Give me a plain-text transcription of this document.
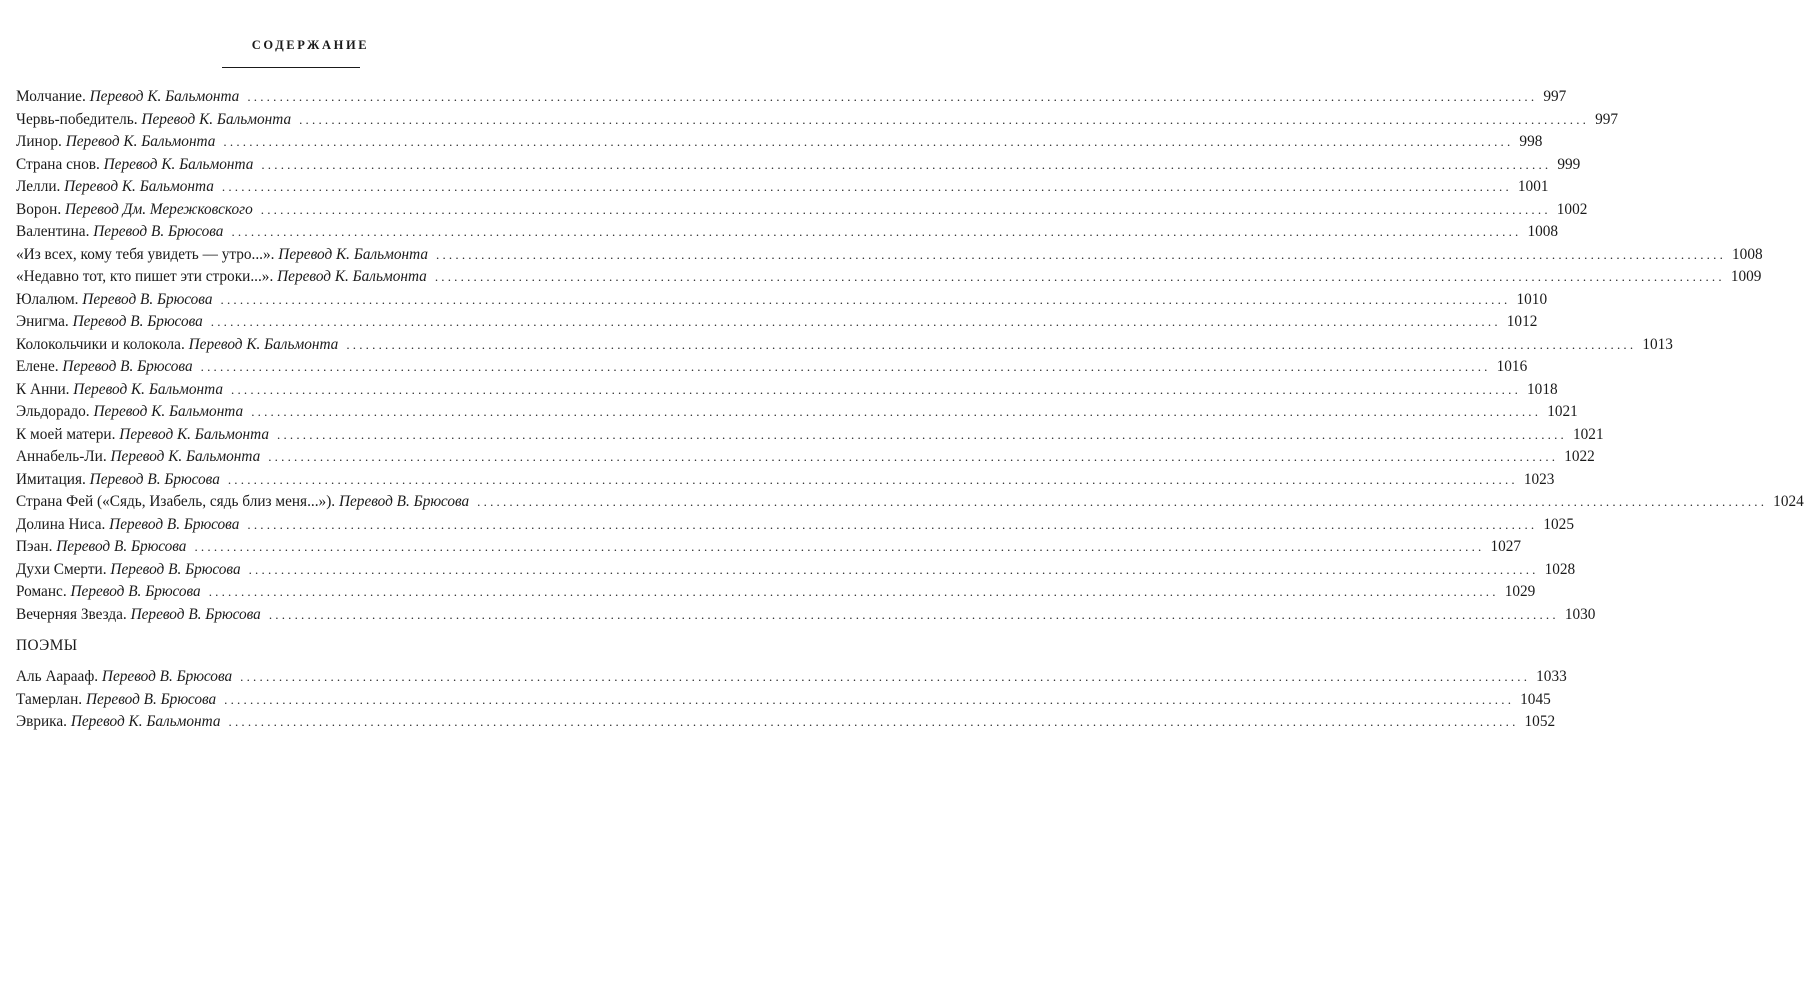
СОДЕРЖАНИЕ
Молчание. Перевод К. Бальмонта ........................................................................................................................................................................................................ 997
Червь-победитель. Перевод К. Бальмонта ........................................................................................................................................................................................................ 997
Линор. Перевод К. Бальмонта ........................................................................................................................................................................................................ 998
Страна снов. Перевод К. Бальмонта ........................................................................................................................................................................................................ 999
Лелли. Перевод К. Бальмонта ........................................................................................................................................................................................................ 1001
Ворон. Перевод Дм. Мережковского ........................................................................................................................................................................................................ 1002
Валентина. Перевод В. Брюсова ........................................................................................................................................................................................................ 1008
«Из всех, кому тебя увидеть — утро...». Перевод К. Бальмонта ........................................................................................................................................................................................................ 1008
«Недавно тот, кто пишет эти строки...». Перевод К. Бальмонта ........................................................................................................................................................................................................ 1009
Юлалюм. Перевод В. Брюсова ........................................................................................................................................................................................................ 1010
Энигма. Перевод В. Брюсова ........................................................................................................................................................................................................ 1012
Колокольчики и колокола. Перевод К. Бальмонта ........................................................................................................................................................................................................ 1013
Елене. Перевод В. Брюсова ........................................................................................................................................................................................................ 1016
К Анни. Перевод К. Бальмонта ........................................................................................................................................................................................................ 1018
Эльдорадо. Перевод К. Бальмонта ........................................................................................................................................................................................................ 1021
К моей матери. Перевод К. Бальмонта ........................................................................................................................................................................................................ 1021
Аннабель-Ли. Перевод К. Бальмонта ........................................................................................................................................................................................................ 1022
Имитация. Перевод В. Брюсова ........................................................................................................................................................................................................ 1023
Страна Фей («Сядь, Изабель, сядь близ меня...»). Перевод В. Брюсова ........................................................................................................................................................................................................ 1024
Долина Ниса. Перевод В. Брюсова ........................................................................................................................................................................................................ 1025
Пэан. Перевод В. Брюсова ........................................................................................................................................................................................................ 1027
Духи Смерти. Перевод В. Брюсова ........................................................................................................................................................................................................ 1028
Романс. Перевод В. Брюсова ........................................................................................................................................................................................................ 1029
Вечерняя Звезда. Перевод В. Брюсова ........................................................................................................................................................................................................ 1030
ПОЭМЫ
Аль Аарааф. Перевод В. Брюсова ........................................................................................................................................................................................................ 1033
Тамерлан. Перевод В. Брюсова ........................................................................................................................................................................................................ 1045
Эврика. Перевод К. Бальмонта ........................................................................................................................................................................................................ 1052
